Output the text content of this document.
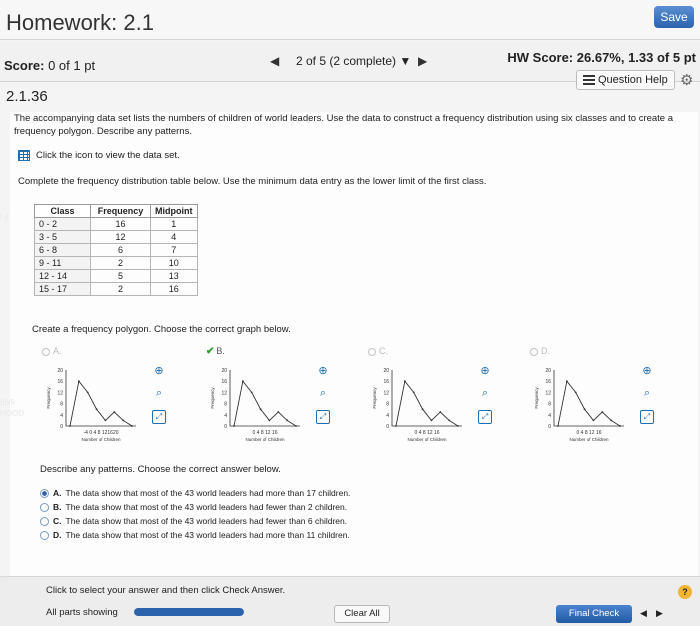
Homework: 2.1	Save
Score: 0 of 1 pt	◀ 2 of 5 (2 complete) ▼ ▶	HW Score: 26.67%, 1.33 of 5 pt
2.1.36
Question Help ⚙
The accompanying data set lists the numbers of children of world leaders. Use the data to construct a frequency distribution using six classes and to create a frequency polygon. Describe any patterns.
Click the icon to view the data set.
Complete the frequency distribution table below. Use the minimum data entry as the lower limit of the first class.
Class	Frequency	Midpoint
0 - 2	16	1
3 - 5	12	4
6 - 8	6	7
9 - 11	2	10
12 - 14	5	13
15 - 17	2	16
Create a frequency polygon. Choose the correct graph below.
A.
20
16
12
8
4
0
Frequency
-4 0 4 8 121620
Number of Children
⊕
⌕
⤢
✔ B.
20
16
12
8
4
0
Frequency
0 4 8 12 16
Number of Children
⊕
⌕
⤢
C.
20
16
12
8
4
0
Frequency
0 4 8 12 16
Number of Children
⊕
⌕
⤢
D.
20
16
12
8
4
0
Frequency
0 4 8 12 16
Number of Children
⊕
⌕
⤢
Describe any patterns. Choose the correct answer below.
A. The data show that most of the 43 world leaders had more than 17 children.
B. The data show that most of the 43 world leaders had fewer than 2 children.
C. The data show that most of the 43 world leaders had fewer than 6 children.
D. The data show that most of the 43 world leaders had more than 11 children.
Click to select your answer and then click Check Answer.
All parts showing	Clear All	Final Check	◀ ▶
?
t y
6|x9
HOOD
on
